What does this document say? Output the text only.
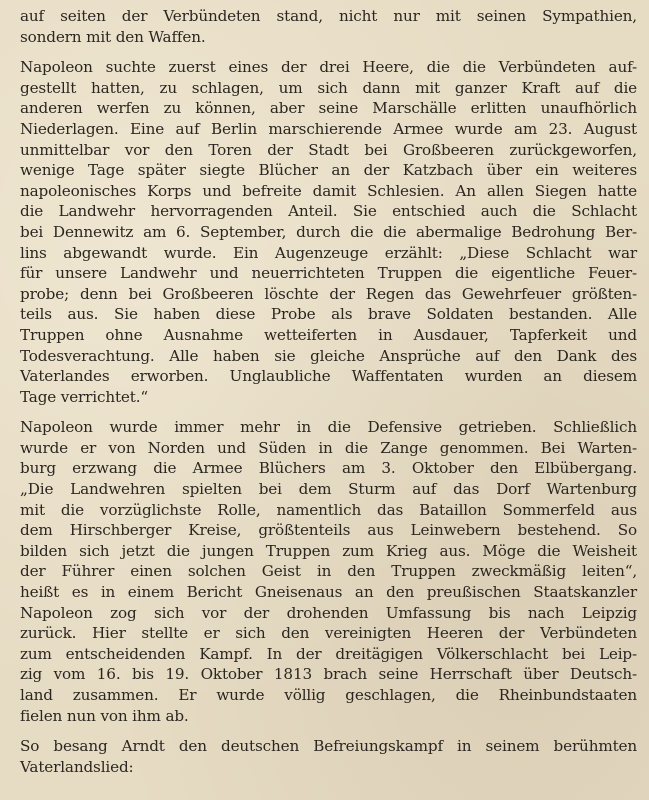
auf seiten der Verbündeten stand, nicht nur mit seinen Sympathien,
sondern mit den Waffen.
Napoleon suchte zuerst eines der drei Heere, die die Verbündeten auf-
gestellt hatten, zu schlagen, um sich dann mit ganzer Kraft auf die
anderen werfen zu können, aber seine Marschälle erlitten unaufhörlich
Niederlagen. Eine auf Berlin marschierende Armee wurde am 23. August
unmittelbar vor den Toren der Stadt bei Großbeeren zurückgeworfen,
wenige Tage später siegte Blücher an der Katzbach über ein weiteres
napoleonisches Korps und befreite damit Schlesien. An allen Siegen hatte
die Landwehr hervorragenden Anteil. Sie entschied auch die Schlacht
bei Dennewitz am 6. September, durch die die abermalige Bedrohung Ber-
lins abgewandt wurde. Ein Augenzeuge erzählt: „Diese Schlacht war
für unsere Landwehr und neuerrichteten Truppen die eigentliche Feuer-
probe; denn bei Großbeeren löschte der Regen das Gewehrfeuer größten-
teils aus. Sie haben diese Probe als brave Soldaten bestanden. Alle
Truppen ohne Ausnahme wetteiferten in Ausdauer, Tapferkeit und
Todesverachtung. Alle haben sie gleiche Ansprüche auf den Dank des
Vaterlandes erworben. Unglaubliche Waffentaten wurden an diesem
Tage verrichtet.“
Napoleon wurde immer mehr in die Defensive getrieben. Schließlich
wurde er von Norden und Süden in die Zange genommen. Bei Warten-
burg erzwang die Armee Blüchers am 3. Oktober den Elbübergang.
„Die Landwehren spielten bei dem Sturm auf das Dorf Wartenburg
mit die vorzüglichste Rolle, namentlich das Bataillon Sommerfeld aus
dem Hirschberger Kreise, größtenteils aus Leinwebern bestehend. So
bilden sich jetzt die jungen Truppen zum Krieg aus. Möge die Weisheit
der Führer einen solchen Geist in den Truppen zweckmäßig leiten“,
heißt es in einem Bericht Gneisenaus an den preußischen Staatskanzler
Napoleon zog sich vor der drohenden Umfassung bis nach Leipzig
zurück. Hier stellte er sich den vereinigten Heeren der Verbündeten
zum entscheidenden Kampf. In der dreitägigen Völkerschlacht bei Leip-
zig vom 16. bis 19. Oktober 1813 brach seine Herrschaft über Deutsch-
land zusammen. Er wurde völlig geschlagen, die Rheinbundstaaten
fielen nun von ihm ab.
So besang Arndt den deutschen Befreiungskampf in seinem berühmten
Vaterlandslied:
